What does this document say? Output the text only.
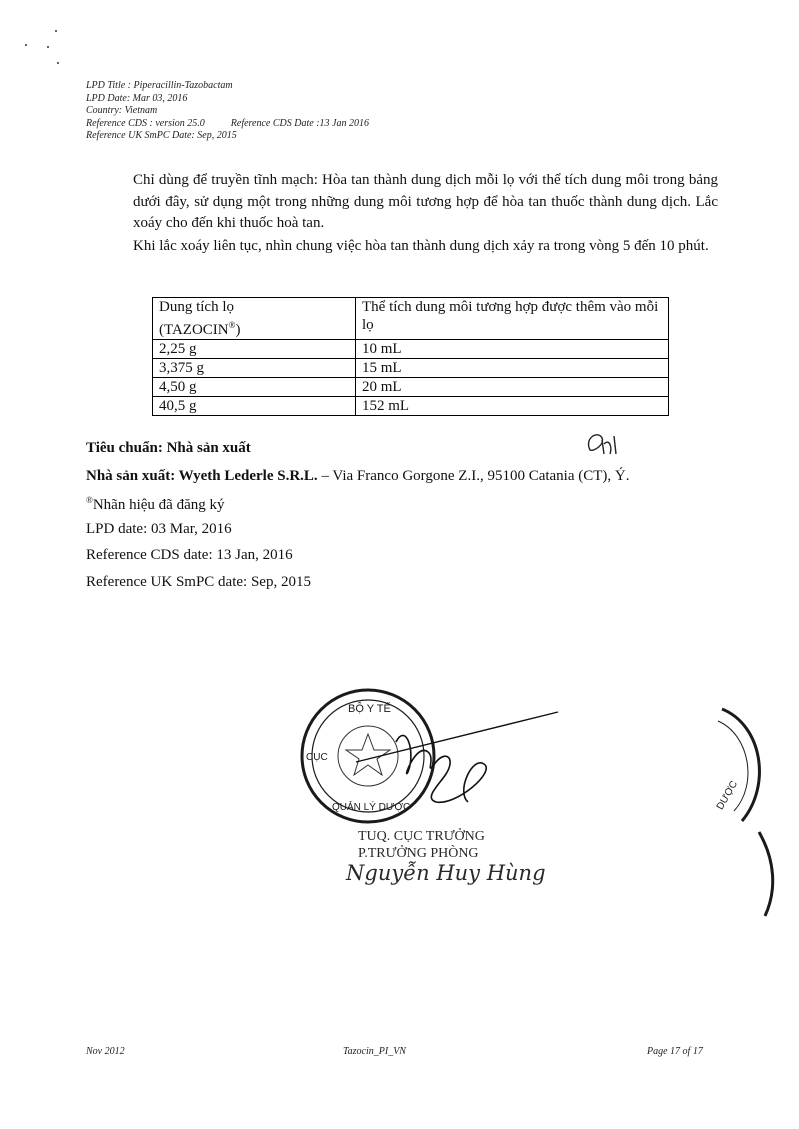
LPD Title : Piperacillin-Tazobactam
LPD Date: Mar 03, 2016
Country: Vietnam
Reference CDS : version 25.0	Reference CDS Date :13 Jan 2016
Reference UK SmPC Date: Sep, 2015

Chỉ dùng để truyền tĩnh mạch: Hòa tan thành dung dịch mỗi lọ với thể tích dung môi trong bảng dưới đây, sử dụng một trong những dung môi tương hợp để hòa tan thuốc thành dung dịch. Lắc xoáy cho đến khi thuốc hoà tan.

Khi lắc xoáy liên tục, nhìn chung việc hòa tan thành dung dịch xảy ra trong vòng 5 đến 10 phút.

Dung tích lọ
(TAZOCIN®)	Thể tích dung môi tương hợp được thêm vào mỗi lọ
2,25 g	10 mL
3,375 g	15 mL
4,50 g	20 mL
40,5 g	152 mL
Tiêu chuẩn: Nhà sản xuất
Nhà sản xuất: Wyeth Lederle S.R.L. – Via Franco Gorgone Z.I., 95100 Catania (CT), Ý.
®Nhãn hiệu đã đăng ký
LPD date: 03 Mar, 2016
Reference CDS date: 13 Jan, 2016
Reference UK SmPC date: Sep, 2015
BỘ Y TẾ
CỤC
QUẢN LÝ DƯỢC
TUQ. CỤC TRƯỞNG
P.TRƯỞNG PHÒNG
Nguyễn Huy Hùng
DƯỢC
Nov 2012	Tazocin_PI_VN	Page 17 of 17
